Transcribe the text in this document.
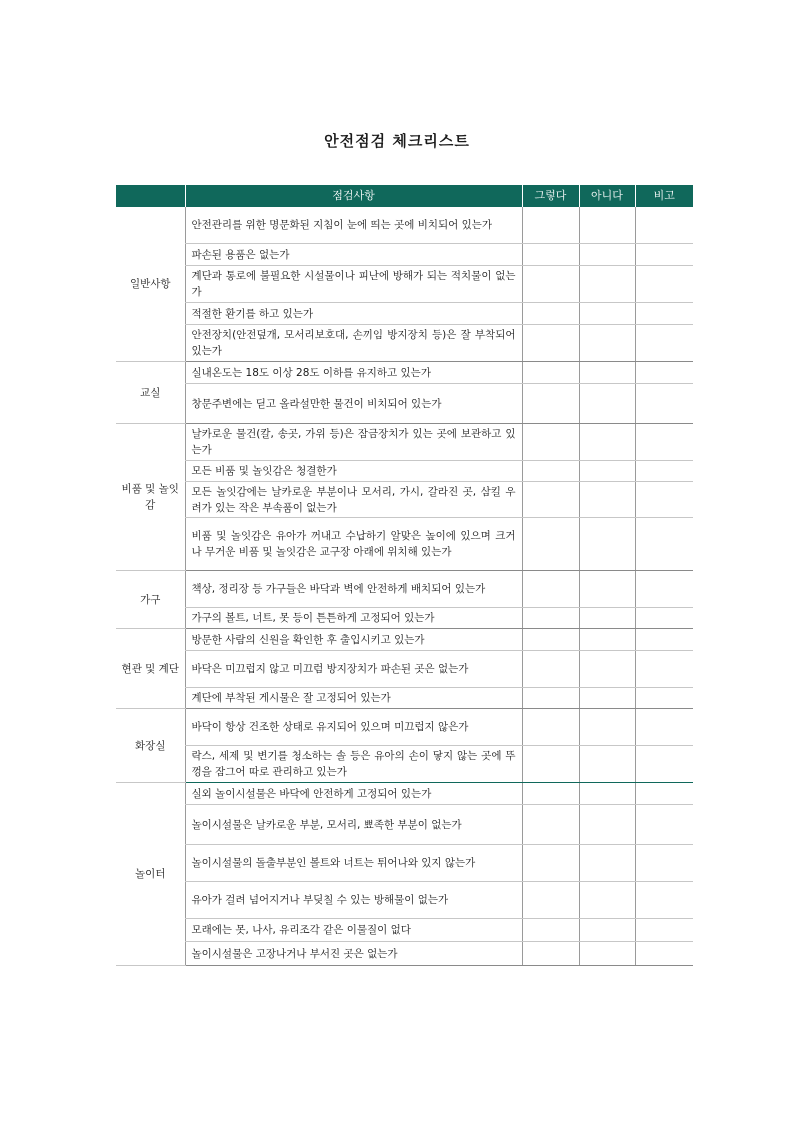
안전점검 체크리스트
	점검사항	그렇다	아니다	비고
일반사항	안전관리를 위한 명문화된 지침이 눈에 띄는 곳에 비치되어 있는가			
	파손된 용품은 없는가			
	계단과 통로에 불필요한 시설물이나 피난에 방해가 되는 적치물이 없는가			
	적절한 환기를 하고 있는가			
	안전장치(안전덮개, 모서리보호대, 손끼임 방지장치 등)은 잘 부착되어 있는가			
교실	실내온도는 18도 이상 28도 이하를 유지하고 있는가			
	창문주변에는 딛고 올라설만한 물건이 비치되어 있는가			
비품 및 놀잇감	날카로운 물건(칼, 송곳, 가위 등)은 잠금장치가 있는 곳에 보관하고 있는가			
	모든 비품 및 놀잇감은 청결한가			
	모든 놀잇감에는 날카로운 부분이나 모서리, 가시, 갈라진 곳, 삼킬 우려가 있는 작은 부속품이 없는가			
	비품 및 놀잇감은 유아가 꺼내고 수납하기 알맞은 높이에 있으며 크거나 무거운 비품 및 놀잇감은 교구장 아래에 위치해 있는가			
가구	책상, 정리장 등 가구들은 바닥과 벽에 안전하게 배치되어 있는가			
	가구의 볼트, 너트, 못 등이 튼튼하게 고정되어 있는가			
현관 및 계단	방문한 사람의 신원을 확인한 후 출입시키고 있는가			
	바닥은 미끄럽지 않고 미끄럼 방지장치가 파손된 곳은 없는가			
	계단에 부착된 게시물은 잘 고정되어 있는가			
화장실	바닥이 항상 건조한 상태로 유지되어 있으며 미끄럽지 않은가			
	락스, 세제 및 변기를 청소하는 솔 등은 유아의 손이 닿지 않는 곳에 뚜껑을 잠그어 따로 관리하고 있는가			
놀이터	실외 놀이시설물은 바닥에 안전하게 고정되어 있는가			
	놀이시설물은 날카로운 부분, 모서리, 뾰족한 부분이 없는가			
	놀이시설물의 돌출부분인 볼트와 너트는 튀어나와 있지 않는가			
	유아가 걸려 넘어지거나 부딪칠 수 있는 방해물이 없는가			
	모래에는 못, 나사, 유리조각 같은 이물질이 없다			
	놀이시설물은 고장나거나 부서진 곳은 없는가			
